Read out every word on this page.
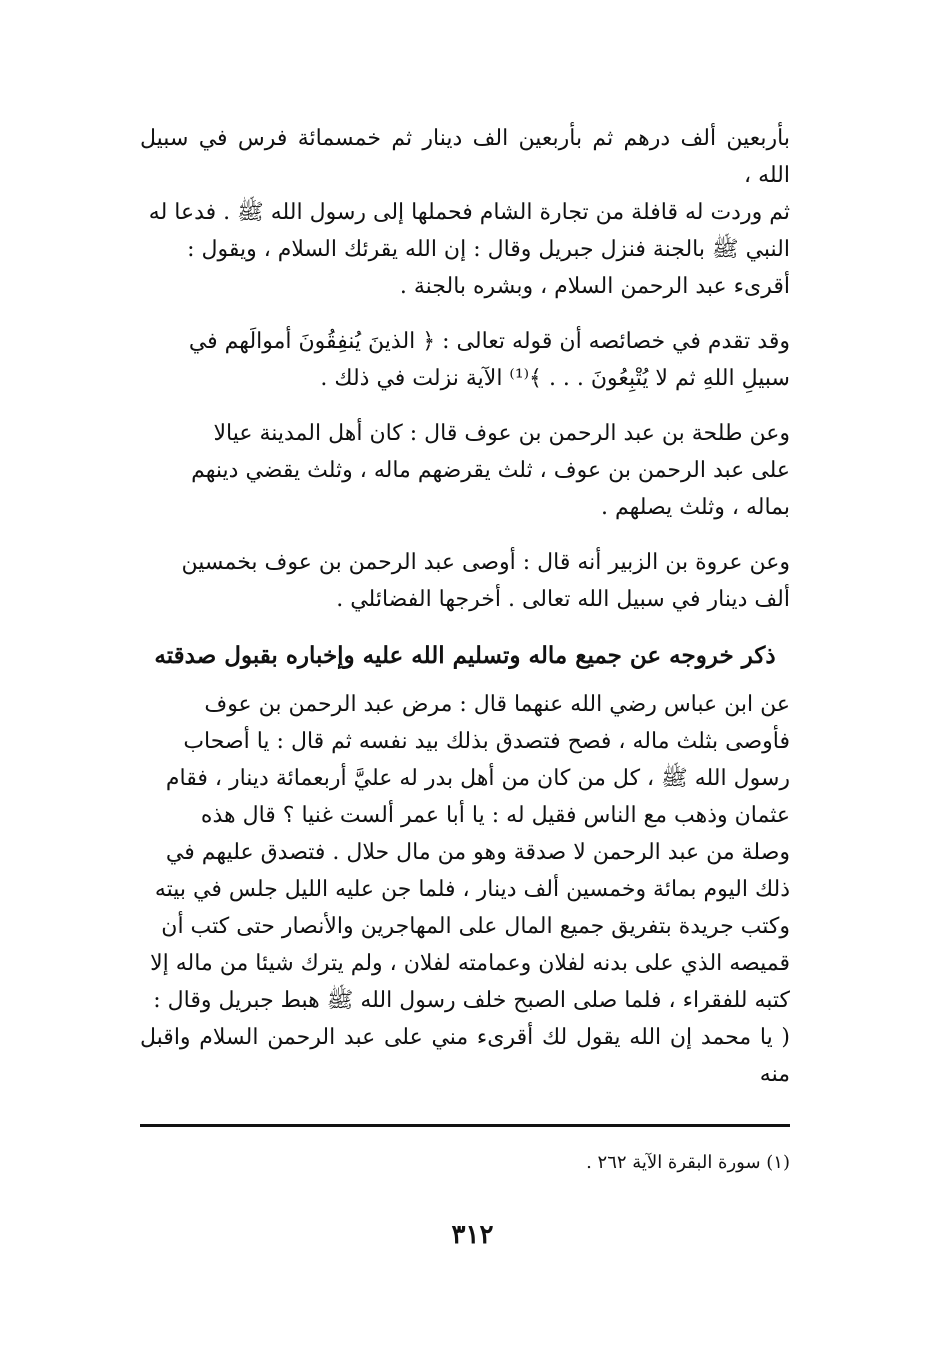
بأربعين ألف درهم ثم بأربعين الف دينار ثم خمسمائة فرس في سبيل الله ،

ثم وردت له قافلة من تجارة الشام فحملها إلى رسول الله ﷺ . فدعا له

النبي ﷺ بالجنة فنزل جبريل وقال : إن الله يقرئك السلام ، ويقول :

أقرىء عبد الرحمن السلام ، وبشره بالجنة .

وقد تقدم في خصائصه أن قوله تعالى : ﴿ الذينَ يُنفِقُونَ أموالَهم في

سبيلِ اللهِ ثم لا يُتْبِعُونَ . . . ﴾⁽¹⁾ الآية نزلت في ذلك .

وعن طلحة بن عبد الرحمن بن عوف قال : كان أهل المدينة عيالا

على عبد الرحمن بن عوف ، ثلث يقرضهم ماله ، وثلث يقضي دينهم

بماله ، وثلث يصلهم .

وعن عروة بن الزبير أنه قال : أوصى عبد الرحمن بن عوف بخمسين

ألف دينار في سبيل الله تعالى . أخرجها الفضائلي .

ذكر خروجه عن جميع ماله وتسليم الله عليه وإخباره بقبول صدقته

عن ابن عباس رضي الله عنهما قال : مرض عبد الرحمن بن عوف

فأوصى بثلث ماله ، فصح فتصدق بذلك بيد نفسه ثم قال : يا أصحاب

رسول الله ﷺ ، كل من كان من أهل بدر له عليَّ أربعمائة دينار ، فقام

عثمان وذهب مع الناس فقيل له : يا أبا عمر ألست غنيا ؟ قال هذه

وصلة من عبد الرحمن لا صدقة وهو من مال حلال . فتصدق عليهم في

ذلك اليوم بمائة وخمسين ألف دينار ، فلما جن عليه الليل جلس في بيته

وكتب جريدة بتفريق جميع المال على المهاجرين والأنصار حتى كتب أن

قميصه الذي على بدنه لفلان وعمامته لفلان ، ولم يترك شيئا من ماله إلا

كتبه للفقراء ، فلما صلى الصبح خلف رسول الله ﷺ هبط جبريل وقال :

( يا محمد إن الله يقول لك أقرىء مني على عبد الرحمن السلام واقبل منه

(١) سورة البقرة الآية ٢٦٢ .
٣١٢
